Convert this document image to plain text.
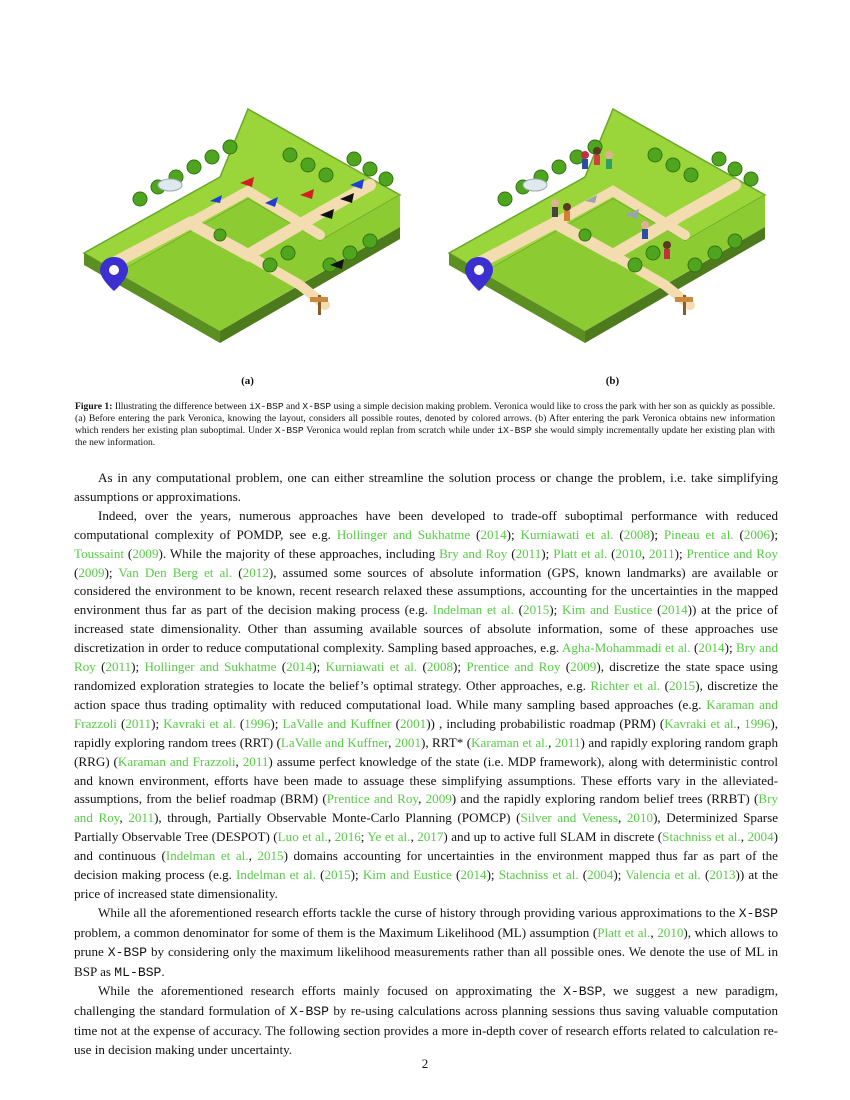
(a)	(b)
Figure 1: Illustrating the difference between iX-BSP and X-BSP using a simple decision making problem. Veronica would like to cross the park with her son as quickly as possible. (a) Before entering the park Veronica, knowing the layout, considers all possible routes, denoted by colored arrows. (b) After entering the park Veronica obtains new information which renders her existing plan suboptimal. Under X-BSP Veronica would replan from scratch while under iX-BSP she would simply incrementally update her existing plan with the new information.

As in any computational problem, one can either streamline the solution process or change the problem, i.e. take simplifying assumptions or approximations.

Indeed, over the years, numerous approaches have been developed to trade-off suboptimal performance with reduced computational complexity of POMDP, see e.g. Hollinger and Sukhatme (2014); Kurniawati et al. (2008); Pineau et al. (2006); Toussaint (2009). While the majority of these approaches, including Bry and Roy (2011); Platt et al. (2010, 2011); Prentice and Roy (2009); Van Den Berg et al. (2012), assumed some sources of absolute information (GPS, known landmarks) are available or considered the environment to be known, recent research relaxed these assumptions, accounting for the uncertainties in the mapped environment thus far as part of the decision making process (e.g. Indelman et al. (2015); Kim and Eustice (2014)) at the price of increased state dimensionality. Other than assuming available sources of absolute information, some of these approaches use discretization in order to reduce computational complexity. Sampling based approaches, e.g. Agha-Mohammadi et al. (2014); Bry and Roy (2011); Hollinger and Sukhatme (2014); Kurniawati et al. (2008); Prentice and Roy (2009), discretize the state space using randomized exploration strategies to locate the belief’s optimal strategy. Other approaches, e.g. Richter et al. (2015), discretize the action space thus trading optimality with reduced computational load. While many sampling based approaches (e.g. Karaman and Frazzoli (2011); Kavraki et al. (1996); LaValle and Kuffner (2001)) , including probabilistic roadmap (PRM) (Kavraki et al., 1996), rapidly exploring random trees (RRT) (LaValle and Kuffner, 2001), RRT* (Karaman et al., 2011) and rapidly exploring random graph (RRG) (Karaman and Frazzoli, 2011) assume perfect knowledge of the state (i.e. MDP framework), along with deterministic control and known environment, efforts have been made to assuage these simplifying assumptions. These efforts vary in the alleviated-assumptions, from the belief roadmap (BRM) (Prentice and Roy, 2009) and the rapidly exploring random belief trees (RRBT) (Bry and Roy, 2011), through, Partially Observable Monte-Carlo Planning (POMCP) (Silver and Veness, 2010), Determinized Sparse Partially Observable Tree (DESPOT) (Luo et al., 2016; Ye et al., 2017) and up to active full SLAM in discrete (Stachniss et al., 2004) and continuous (Indelman et al., 2015) domains accounting for uncertainties in the environment mapped thus far as part of the decision making process (e.g. Indelman et al. (2015); Kim and Eustice (2014); Stachniss et al. (2004); Valencia et al. (2013)) at the price of increased state dimensionality.

While all the aforementioned research efforts tackle the curse of history through providing various approximations to the X-BSP problem, a common denominator for some of them is the Maximum Likelihood (ML) assumption (Platt et al., 2010), which allows to prune X-BSP by considering only the maximum likelihood measurements rather than all possible ones. We denote the use of ML in BSP as ML-BSP.

While the aforementioned research efforts mainly focused on approximating the X-BSP, we suggest a new paradigm, challenging the standard formulation of X-BSP by re-using calculations across planning sessions thus saving valuable computation time not at the expense of accuracy. The following section provides a more in-depth cover of research efforts related to calculation re-use in decision making under uncertainty.

2
